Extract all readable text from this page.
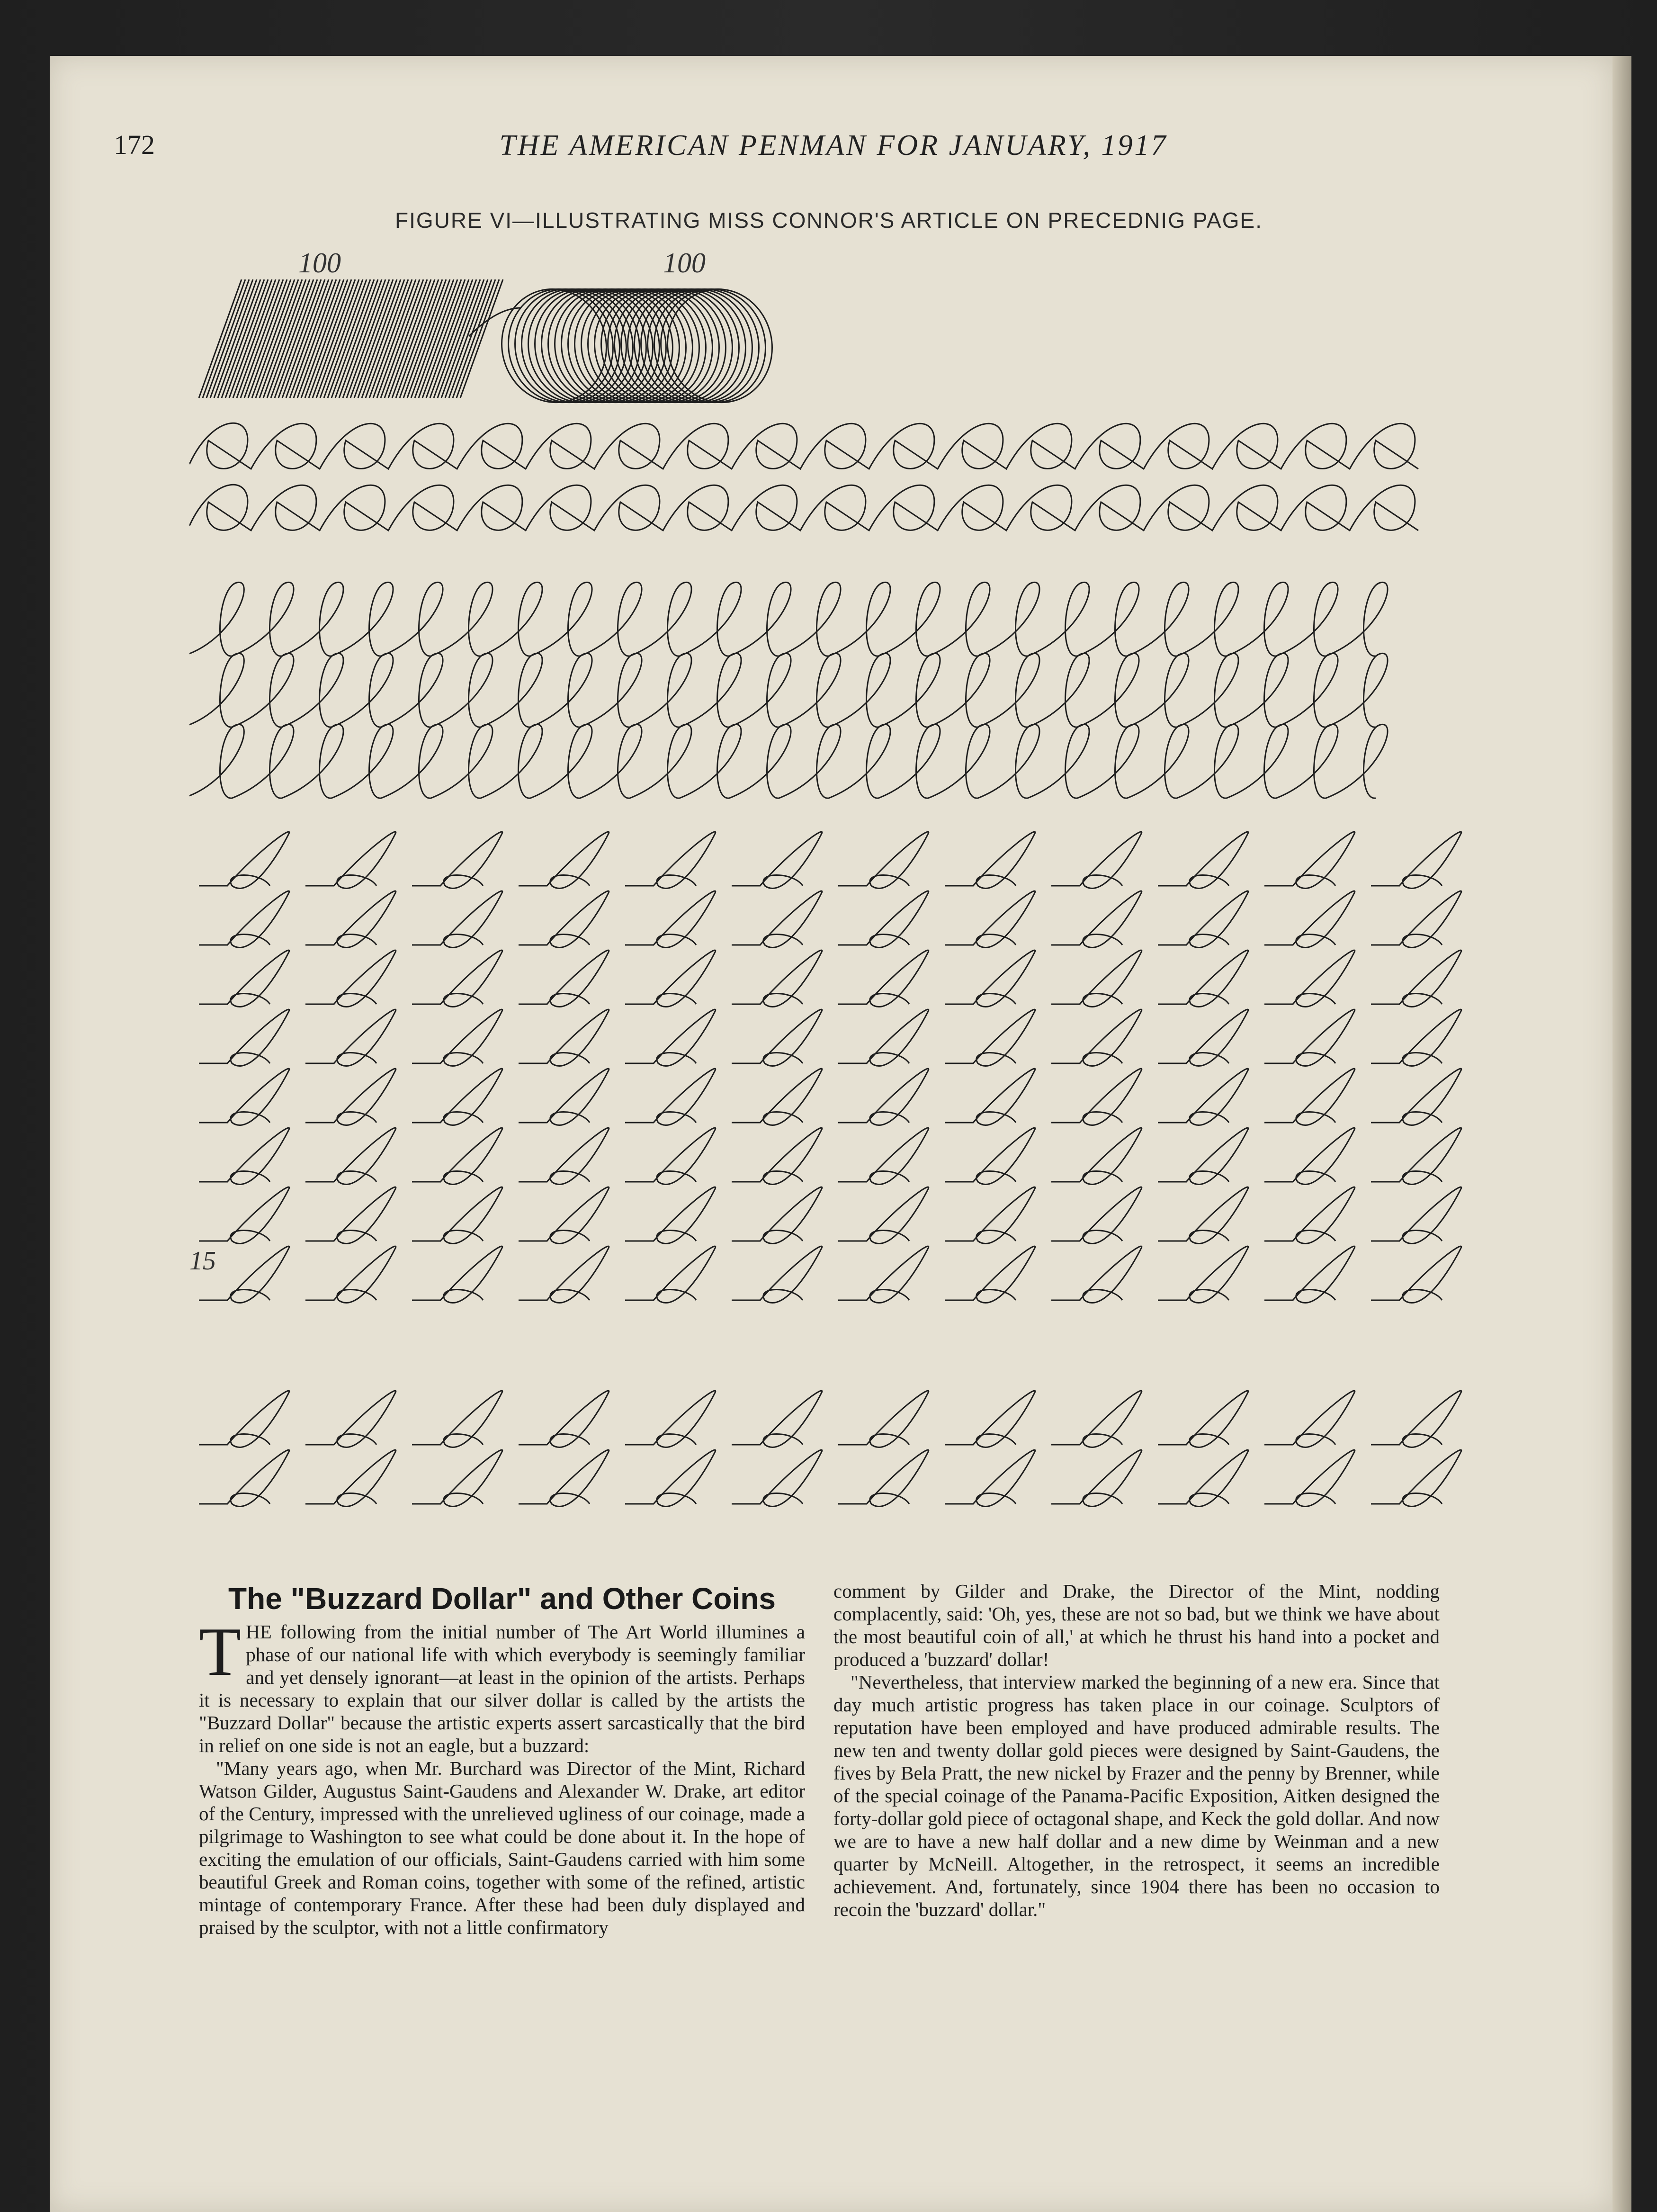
172	THE AMERICAN PENMAN FOR JANUARY, 1917
FIGURE VI—ILLUSTRATING MISS CONNOR'S ARTICLE ON PRECEDNIG PAGE.
100	100
15
The "Buzzard Dollar" and Other Coins

THE following from the initial number of The Art World illumines a phase of our national life with which everybody is seemingly familiar and yet densely ignorant—at least in the opinion of the artists. Perhaps it is necessary to explain that our silver dollar is called by the artists the "Buzzard Dollar" because the artistic experts assert sarcastically that the bird in relief on one side is not an eagle, but a buzzard:

"Many years ago, when Mr. Burchard was Director of the Mint, Richard Watson Gilder, Augustus Saint-Gaudens and Alexander W. Drake, art editor of the Century, impressed with the unrelieved ugliness of our coinage, made a pilgrimage to Washington to see what could be done about it. In the hope of exciting the emulation of our officials, Saint-Gaudens carried with him some beautiful Greek and Roman coins, together with some of the refined, artistic mintage of contemporary France. After these had been duly displayed and praised by the sculptor, with not a little confirmatory

comment by Gilder and Drake, the Director of the Mint, nodding complacently, said: 'Oh, yes, these are not so bad, but we think we have about the most beautiful coin of all,' at which he thrust his hand into a pocket and produced a 'buzzard' dollar!

"Nevertheless, that interview marked the beginning of a new era. Since that day much artistic progress has taken place in our coinage. Sculptors of reputation have been employed and have produced admirable results. The new ten and twenty dollar gold pieces were designed by Saint-Gaudens, the fives by Bela Pratt, the new nickel by Frazer and the penny by Brenner, while of the special coinage of the Panama-Pacific Exposition, Aitken designed the forty-dollar gold piece of octagonal shape, and Keck the gold dollar. And now we are to have a new half dollar and a new dime by Weinman and a new quarter by McNeill. Altogether, in the retrospect, it seems an incredible achievement. And, fortunately, since 1904 there has been no occasion to recoin the 'buzzard' dollar."
